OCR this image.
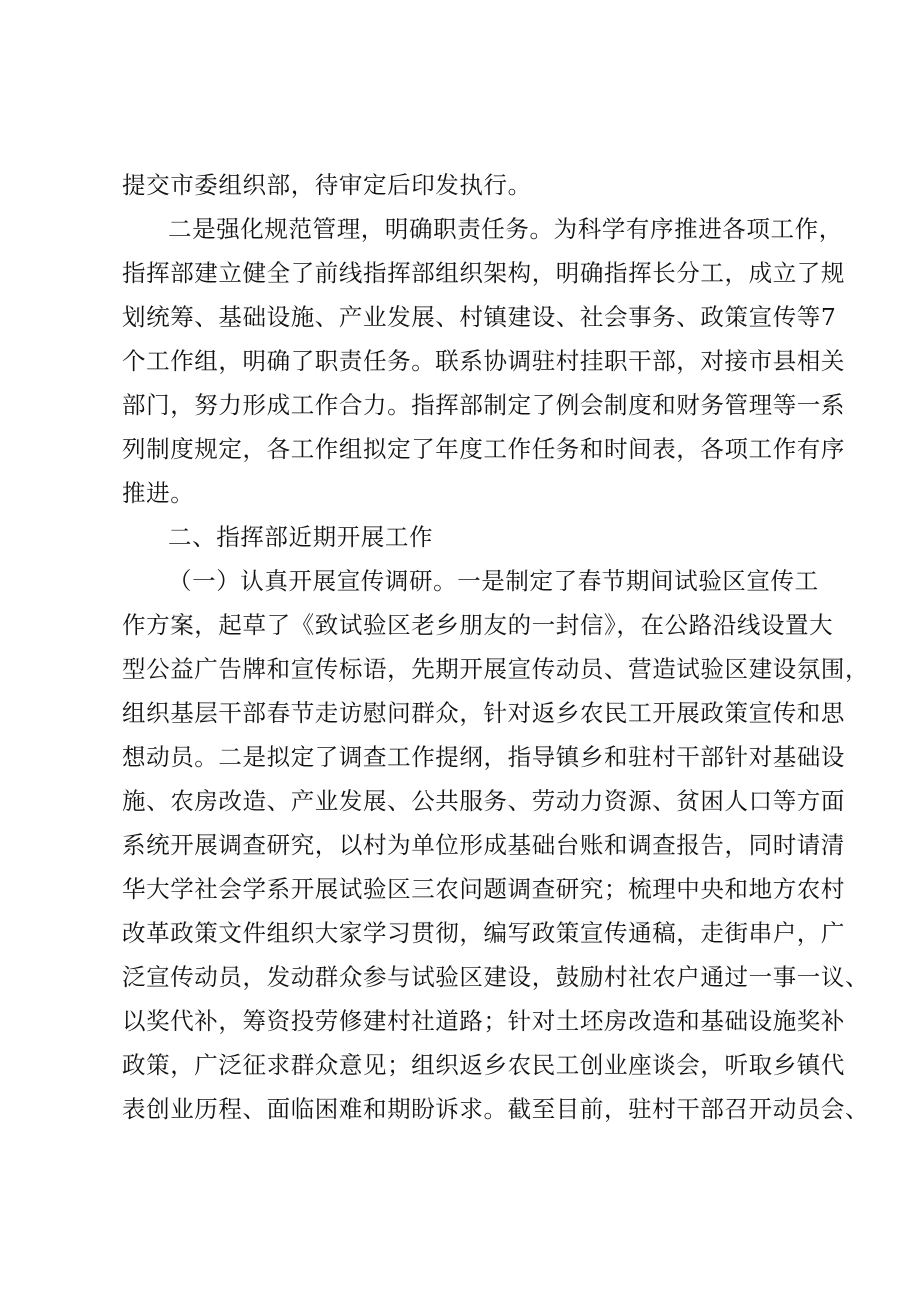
提交市委组织部，待审定后印发执行。
二是强化规范管理，明确职责任务。为科学有序推进各项工作，
指挥部建立健全了前线指挥部组织架构，明确指挥长分工，成立了规
划统筹、基础设施、产业发展、村镇建设、社会事务、政策宣传等7
个工作组，明确了职责任务。联系协调驻村挂职干部，对接市县相关
部门，努力形成工作合力。指挥部制定了例会制度和财务管理等一系
列制度规定，各工作组拟定了年度工作任务和时间表，各项工作有序
推进。
二、指挥部近期开展工作
（一）认真开展宣传调研。一是制定了春节期间试验区宣传工
作方案，起草了《致试验区老乡朋友的一封信》，在公路沿线设置大
型公益广告牌和宣传标语，先期开展宣传动员、营造试验区建设氛围，
组织基层干部春节走访慰问群众，针对返乡农民工开展政策宣传和思
想动员。二是拟定了调查工作提纲，指导镇乡和驻村干部针对基础设
施、农房改造、产业发展、公共服务、劳动力资源、贫困人口等方面
系统开展调查研究，以村为单位形成基础台账和调查报告，同时请清
华大学社会学系开展试验区三农问题调查研究；梳理中央和地方农村
改革政策文件组织大家学习贯彻，编写政策宣传通稿，走街串户，广
泛宣传动员，发动群众参与试验区建设，鼓励村社农户通过一事一议、
以奖代补，筹资投劳修建村社道路；针对土坯房改造和基础设施奖补
政策，广泛征求群众意见；组织返乡农民工创业座谈会，听取乡镇代
表创业历程、面临困难和期盼诉求。截至目前，驻村干部召开动员会、
